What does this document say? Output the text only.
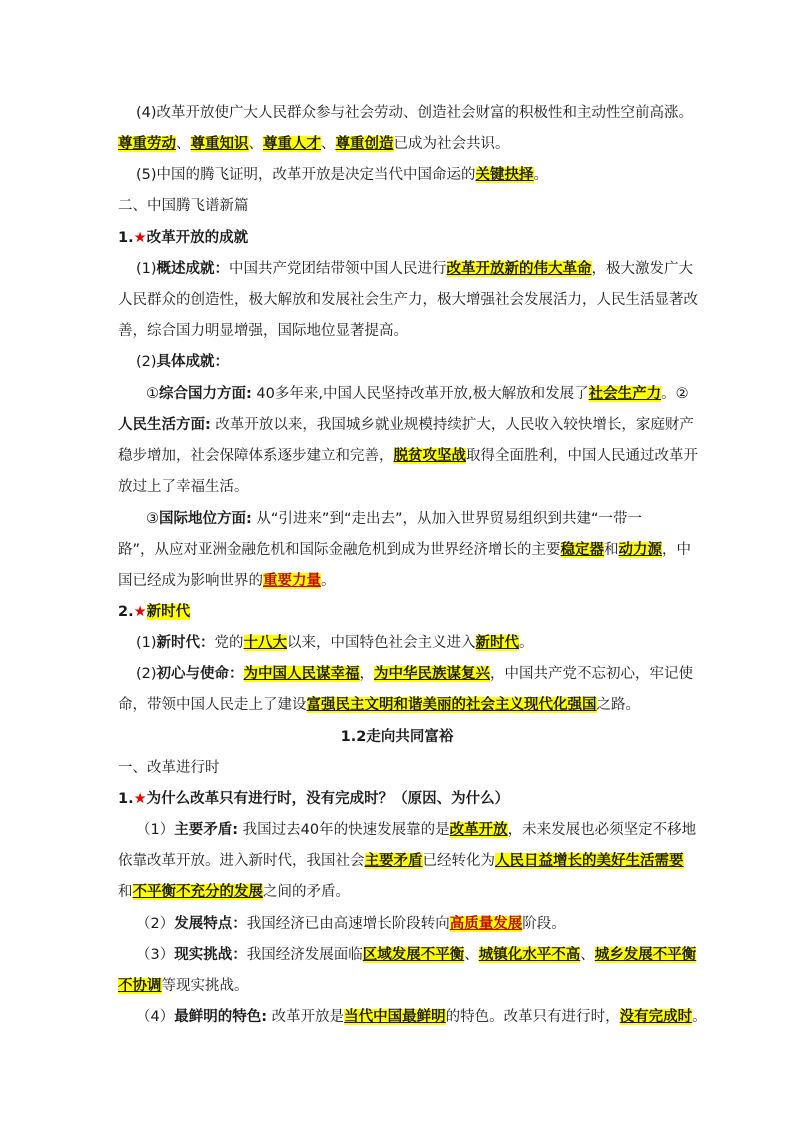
(4)改革开放使广大人民群众参与社会劳动、创造社会财富的积极性和主动性空前高涨。
尊重劳动、尊重知识、尊重人才、尊重创造已成为社会共识。
(5)中国的腾飞证明，改革开放是决定当代中国命运的关键抉择。
二、中国腾飞谱新篇
1.★改革开放的成就
(1)概述成就：中国共产党团结带领中国人民进行改革开放新的伟大革命，极大激发广大
人民群众的创造性，极大解放和发展社会生产力，极大增强社会发展活力，人民生活显著改
善，综合国力明显增强，国际地位显著提高。
(2)具体成就：
①综合国力方面: 40多年来,中国人民坚持改革开放,极大解放和发展了社会生产力。②
人民生活方面: 改革开放以来，我国城乡就业规模持续扩大，人民收入较快增长，家庭财产
稳步增加，社会保障体系逐步建立和完善，脱贫攻坚战取得全面胜利，中国人民通过改革开
放过上了幸福生活。
③国际地位方面: 从“引进来”到“走出去”，从加入世界贸易组织到共建“一带一
路”，从应对亚洲金融危机和国际金融危机到成为世界经济增长的主要稳定器和动力源，中
国已经成为影响世界的重要力量。
2.★新时代
(1)新时代：党的十八大以来，中国特色社会主义进入新时代。
(2)初心与使命：为中国人民谋幸福，为中华民族谋复兴，中国共产党不忘初心，牢记使
命，带领中国人民走上了建设富强民主文明和谐美丽的社会主义现代化强国之路。
1.2走向共同富裕
一、改革进行时
1.★为什么改革只有进行时，没有完成时？（原因、为什么）
（1）主要矛盾: 我国过去40年的快速发展靠的是改革开放，未来发展也必须坚定不移地
依靠改革开放。进入新时代，我国社会主要矛盾已经转化为人民日益增长的美好生活需要
和不平衡不充分的发展之间的矛盾。
（2）发展特点：我国经济已由高速增长阶段转向高质量发展阶段。
（3）现实挑战：我国经济发展面临区域发展不平衡、城镇化水平不高、城乡发展不平衡
不协调等现实挑战。
（4）最鲜明的特色: 改革开放是当代中国最鲜明的特色。改革只有进行时，没有完成时。
